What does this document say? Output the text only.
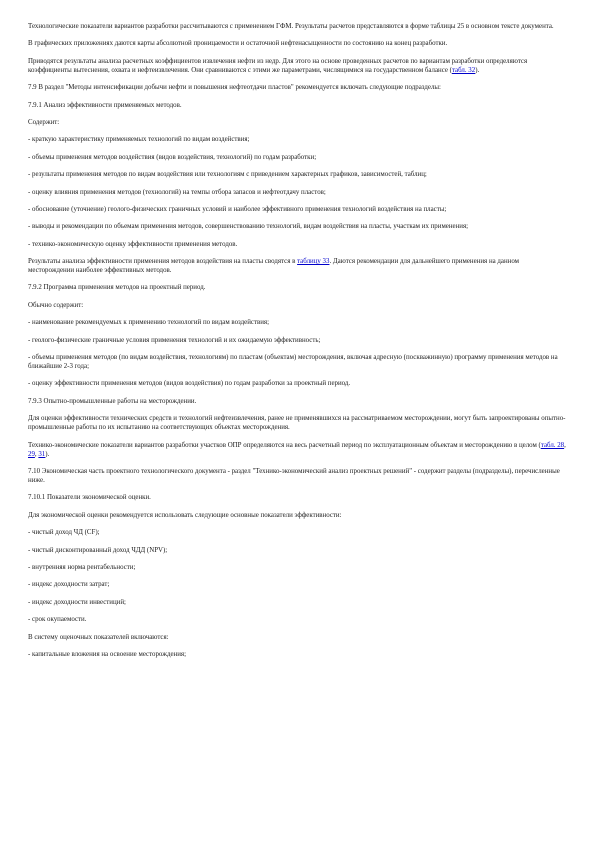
Технологические показатели вариантов разработки рассчитываются с применением ГФМ. Результаты расчетов представляются в форме таблицы 25 в основном тексте документа.

В графических приложениях даются карты абсолютной проницаемости и остаточной нефтенасыщенности по состоянию на конец разработки.

Приводятся результаты анализа расчетных коэффициентов извлечения нефти из недр. Для этого на основе проведенных расчетов по вариантам разработки определяются коэффициенты вытеснения, охвата и нефтеизвлечения. Они сравниваются с этими же параметрами, числящимися на государственном балансе (табл. 32).

7.9 В раздел "Методы интенсификации добычи нефти и повышения нефтеотдачи пластов" рекомендуется включать следующие подразделы:

7.9.1 Анализ эффективности применяемых методов.

Содержит:

- краткую характеристику применяемых технологий по видам воздействия;

- объемы применения методов воздействия (видов воздействия, технологий) по годам разработки;

- результаты применения методов по видам воздействия или технологиям с приведением характерных графиков, зависимостей, таблиц;

- оценку влияния применения методов (технологий) на темпы отбора запасов и нефтеотдачу пластов;

- обоснование (уточнение) геолого-физических граничных условий и наиболее эффективного применения технологий воздействия на пласты;

- выводы и рекомендации по объемам применения методов, совершенствованию технологий, видам воздействия на пласты, участкам их применения;

- технико-экономическую оценку эффективности применения методов.

Результаты анализа эффективности применения методов воздействия на пласты сводятся в таблицу 33. Даются рекомендации для дальнейшего применения на данном месторождении наиболее эффективных методов.

7.9.2 Программа применения методов на проектный период.

Обычно содержит:

- наименование рекомендуемых к применению технологий по видам воздействия;

- геолого-физические граничные условия применения технологий и их ожидаемую эффективность;

- объемы применения методов (по видам воздействия, технологиям) по пластам (объектам) месторождения, включая адресную (поскважинную) программу применения методов на ближайшие 2-3 года;

- оценку эффективности применения методов (видов воздействия) по годам разработки за проектный период.

7.9.3 Опытно-промышленные работы на месторождении.

Для оценки эффективности технических средств и технологий нефтеизвлечения, ранее не применявшихся на рассматриваемом месторождении, могут быть запроектированы опытно-промышленные работы по их испытанию на соответствующих объектах месторождения.

Технико-экономические показатели вариантов разработки участков ОПР определяются на весь расчетный период по эксплуатационным объектам и месторождению в целом (табл. 28, 29, 31).

7.10 Экономическая часть проектного технологического документа - раздел "Технико-экономический анализ проектных решений" - содержит разделы (подразделы), перечисленные ниже.

7.10.1 Показатели экономической оценки.

Для экономической оценки рекомендуется использовать следующие основные показатели эффективности:

- чистый доход ЧД (CF);

- чистый дисконтированный доход ЧДД (NPV);

- внутренняя норма рентабельности;

- индекс доходности затрат;

- индекс доходности инвестиций;

- срок окупаемости.

В систему оценочных показателей включаются:

- капитальные вложения на освоение месторождения;
